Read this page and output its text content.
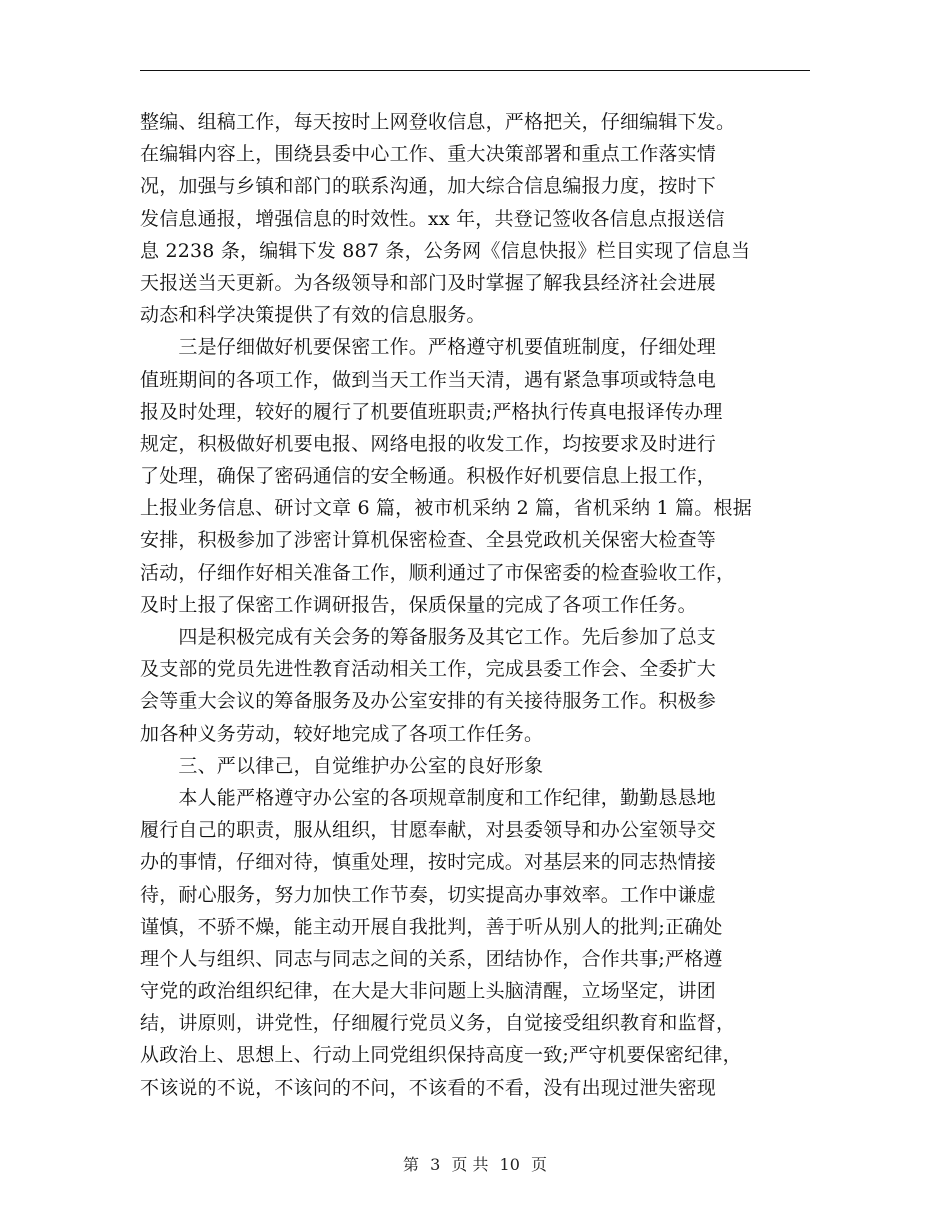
整编、组稿工作，每天按时上网登收信息，严格把关，仔细编辑下发。
在编辑内容上，围绕县委中心工作、重大决策部署和重点工作落实情
况，加强与乡镇和部门的联系沟通，加大综合信息编报力度，按时下
发信息通报，增强信息的时效性。xx 年，共登记签收各信息点报送信
息 2238 条，编辑下发 887 条，公务网《信息快报》栏目实现了信息当
天报送当天更新。为各级领导和部门及时掌握了解我县经济社会进展
动态和科学决策提供了有效的信息服务。
　　三是仔细做好机要保密工作。严格遵守机要值班制度，仔细处理
值班期间的各项工作，做到当天工作当天清，遇有紧急事项或特急电
报及时处理，较好的履行了机要值班职责;严格执行传真电报译传办理
规定，积极做好机要电报、网络电报的收发工作，均按要求及时进行
了处理，确保了密码通信的安全畅通。积极作好机要信息上报工作，
上报业务信息、研讨文章 6 篇，被市机采纳 2 篇，省机采纳 1 篇。根据
安排，积极参加了涉密计算机保密检查、全县党政机关保密大检查等
活动，仔细作好相关准备工作，顺利通过了市保密委的检查验收工作，
及时上报了保密工作调研报告，保质保量的完成了各项工作任务。
　　四是积极完成有关会务的筹备服务及其它工作。先后参加了总支
及支部的党员先进性教育活动相关工作，完成县委工作会、全委扩大
会等重大会议的筹备服务及办公室安排的有关接待服务工作。积极参
加各种义务劳动，较好地完成了各项工作任务。
　　三、严以律己，自觉维护办公室的良好形象
　　本人能严格遵守办公室的各项规章制度和工作纪律，勤勤恳恳地
履行自己的职责，服从组织，甘愿奉献，对县委领导和办公室领导交
办的事情，仔细对待，慎重处理，按时完成。对基层来的同志热情接
待，耐心服务，努力加快工作节奏，切实提高办事效率。工作中谦虚
谨慎，不骄不燥，能主动开展自我批判，善于听从别人的批判;正确处
理个人与组织、同志与同志之间的关系，团结协作，合作共事;严格遵
守党的政治组织纪律，在大是大非问题上头脑清醒，立场坚定，讲团
结，讲原则，讲党性，仔细履行党员义务，自觉接受组织教育和监督，
从政治上、思想上、行动上同党组织保持高度一致;严守机要保密纪律，
不该说的不说，不该问的不问，不该看的不看，没有出现过泄失密现
第 3 页 共 10 页
